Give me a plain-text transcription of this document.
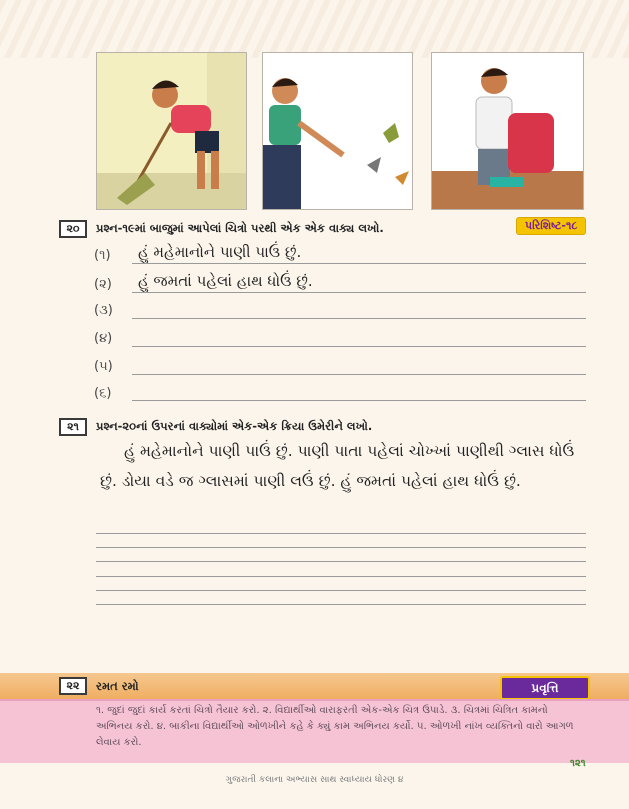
૨૦	પ્રશ્ન-૧૯માં બાજુમાં આપેલાં ચિત્રો પરથી એક એક વાક્ય લખો.	પરિશિષ્ટ-૧૮
(૧) હું મહેમાનોને પાણી પાઉં છું.
(૨) હું જમતાં પહેલાં હાથ ધોઉં છું.
(૩)
(૪)
(૫)
(૬)
૨૧	પ્રશ્ન-૨૦નાં ઉપરનાં વાક્યોમાં એક-એક ક્રિયા ઉમેરીને લખો.
હું મહેમાનોને પાણી પાઉં છું. પાણી પાતા પહેલાં ચોખ્ખાં પાણીથી ગ્લાસ ધોઉં છું. ડોયા વડે જ ગ્લાસમાં પાણી લઉં છું. હું જમતાં પહેલાં હાથ ધોઉં છું.
૨૨	રમત રમો	પ્રવૃત્તિ
૧. જુદાં જુદાં કાર્ય કરતાં ચિત્રો તૈયાર કરો. ૨. વિદ્યાર્થીઓ વારાફરતી એક-એક ચિત્ર ઉપાડે. ૩. ચિત્રમાં ચિત્રિત કામનો અભિનય કરો. ૪. બાકીના વિદ્યાર્થીઓ ઓળખીને કહે કે ક્યું કામ અભિનય કર્યો. ૫. ઓળખી નાંખ વ્યક્તિનો વારો આગળ લેવાય કરો.
૧૨૧
ગુજરાતી કલાના અભ્યાસ સાથ સ્વાધ્યાય ધોરણ ૪
